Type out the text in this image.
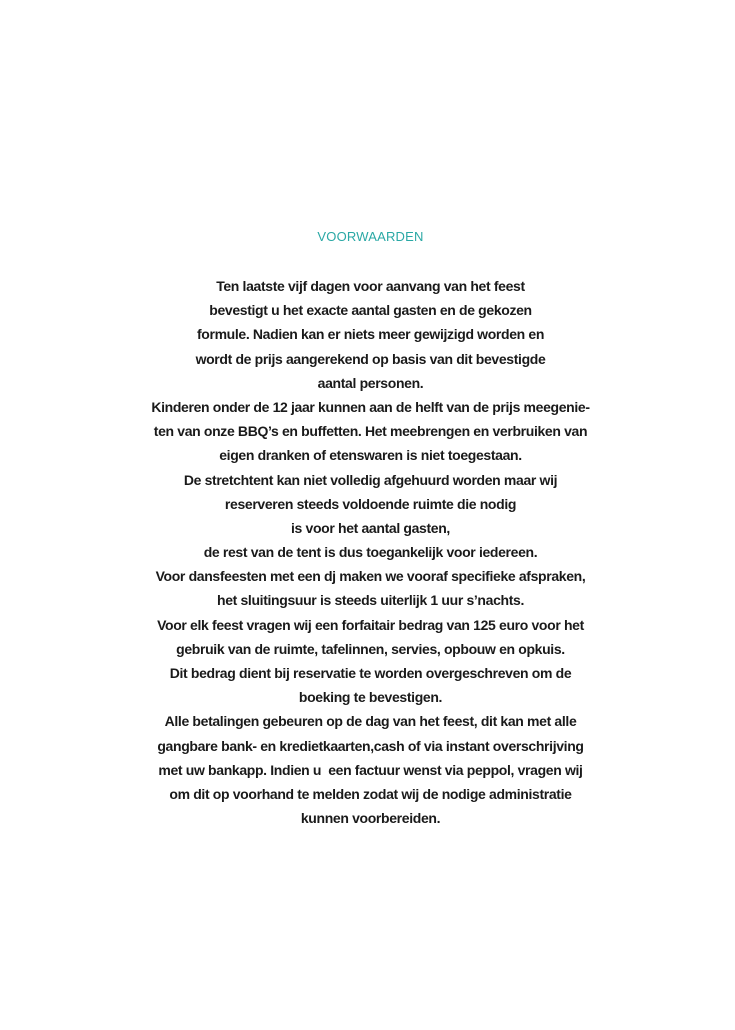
VOORWAARDEN
Ten laatste vijf dagen voor aanvang van het feest
bevestigt u het exacte aantal gasten en de gekozen
formule. Nadien kan er niets meer gewijzigd worden en
wordt de prijs aangerekend op basis van dit bevestigde
aantal personen.
Kinderen onder de 12 jaar kunnen aan de helft van de prijs meegenie-
ten van onze BBQ’s en buffetten. Het meebrengen en verbruiken van
eigen dranken of etenswaren is niet toegestaan.
De stretchtent kan niet volledig afgehuurd worden maar wij
reserveren steeds voldoende ruimte die nodig
is voor het aantal gasten,
de rest van de tent is dus toegankelijk voor iedereen.
Voor dansfeesten met een dj maken we vooraf specifieke afspraken,
het sluitingsuur is steeds uiterlijk 1 uur s’nachts.
Voor elk feest vragen wij een forfaitair bedrag van 125 euro voor het
gebruik van de ruimte, tafelinnen, servies, opbouw en opkuis.
Dit bedrag dient bij reservatie te worden overgeschreven om de
boeking te bevestigen.
Alle betalingen gebeuren op de dag van het feest, dit kan met alle
gangbare bank- en kredietkaarten,cash of via instant overschrijving
met uw bankapp. Indien u  een factuur wenst via peppol, vragen wij
om dit op voorhand te melden zodat wij de nodige administratie
kunnen voorbereiden.
